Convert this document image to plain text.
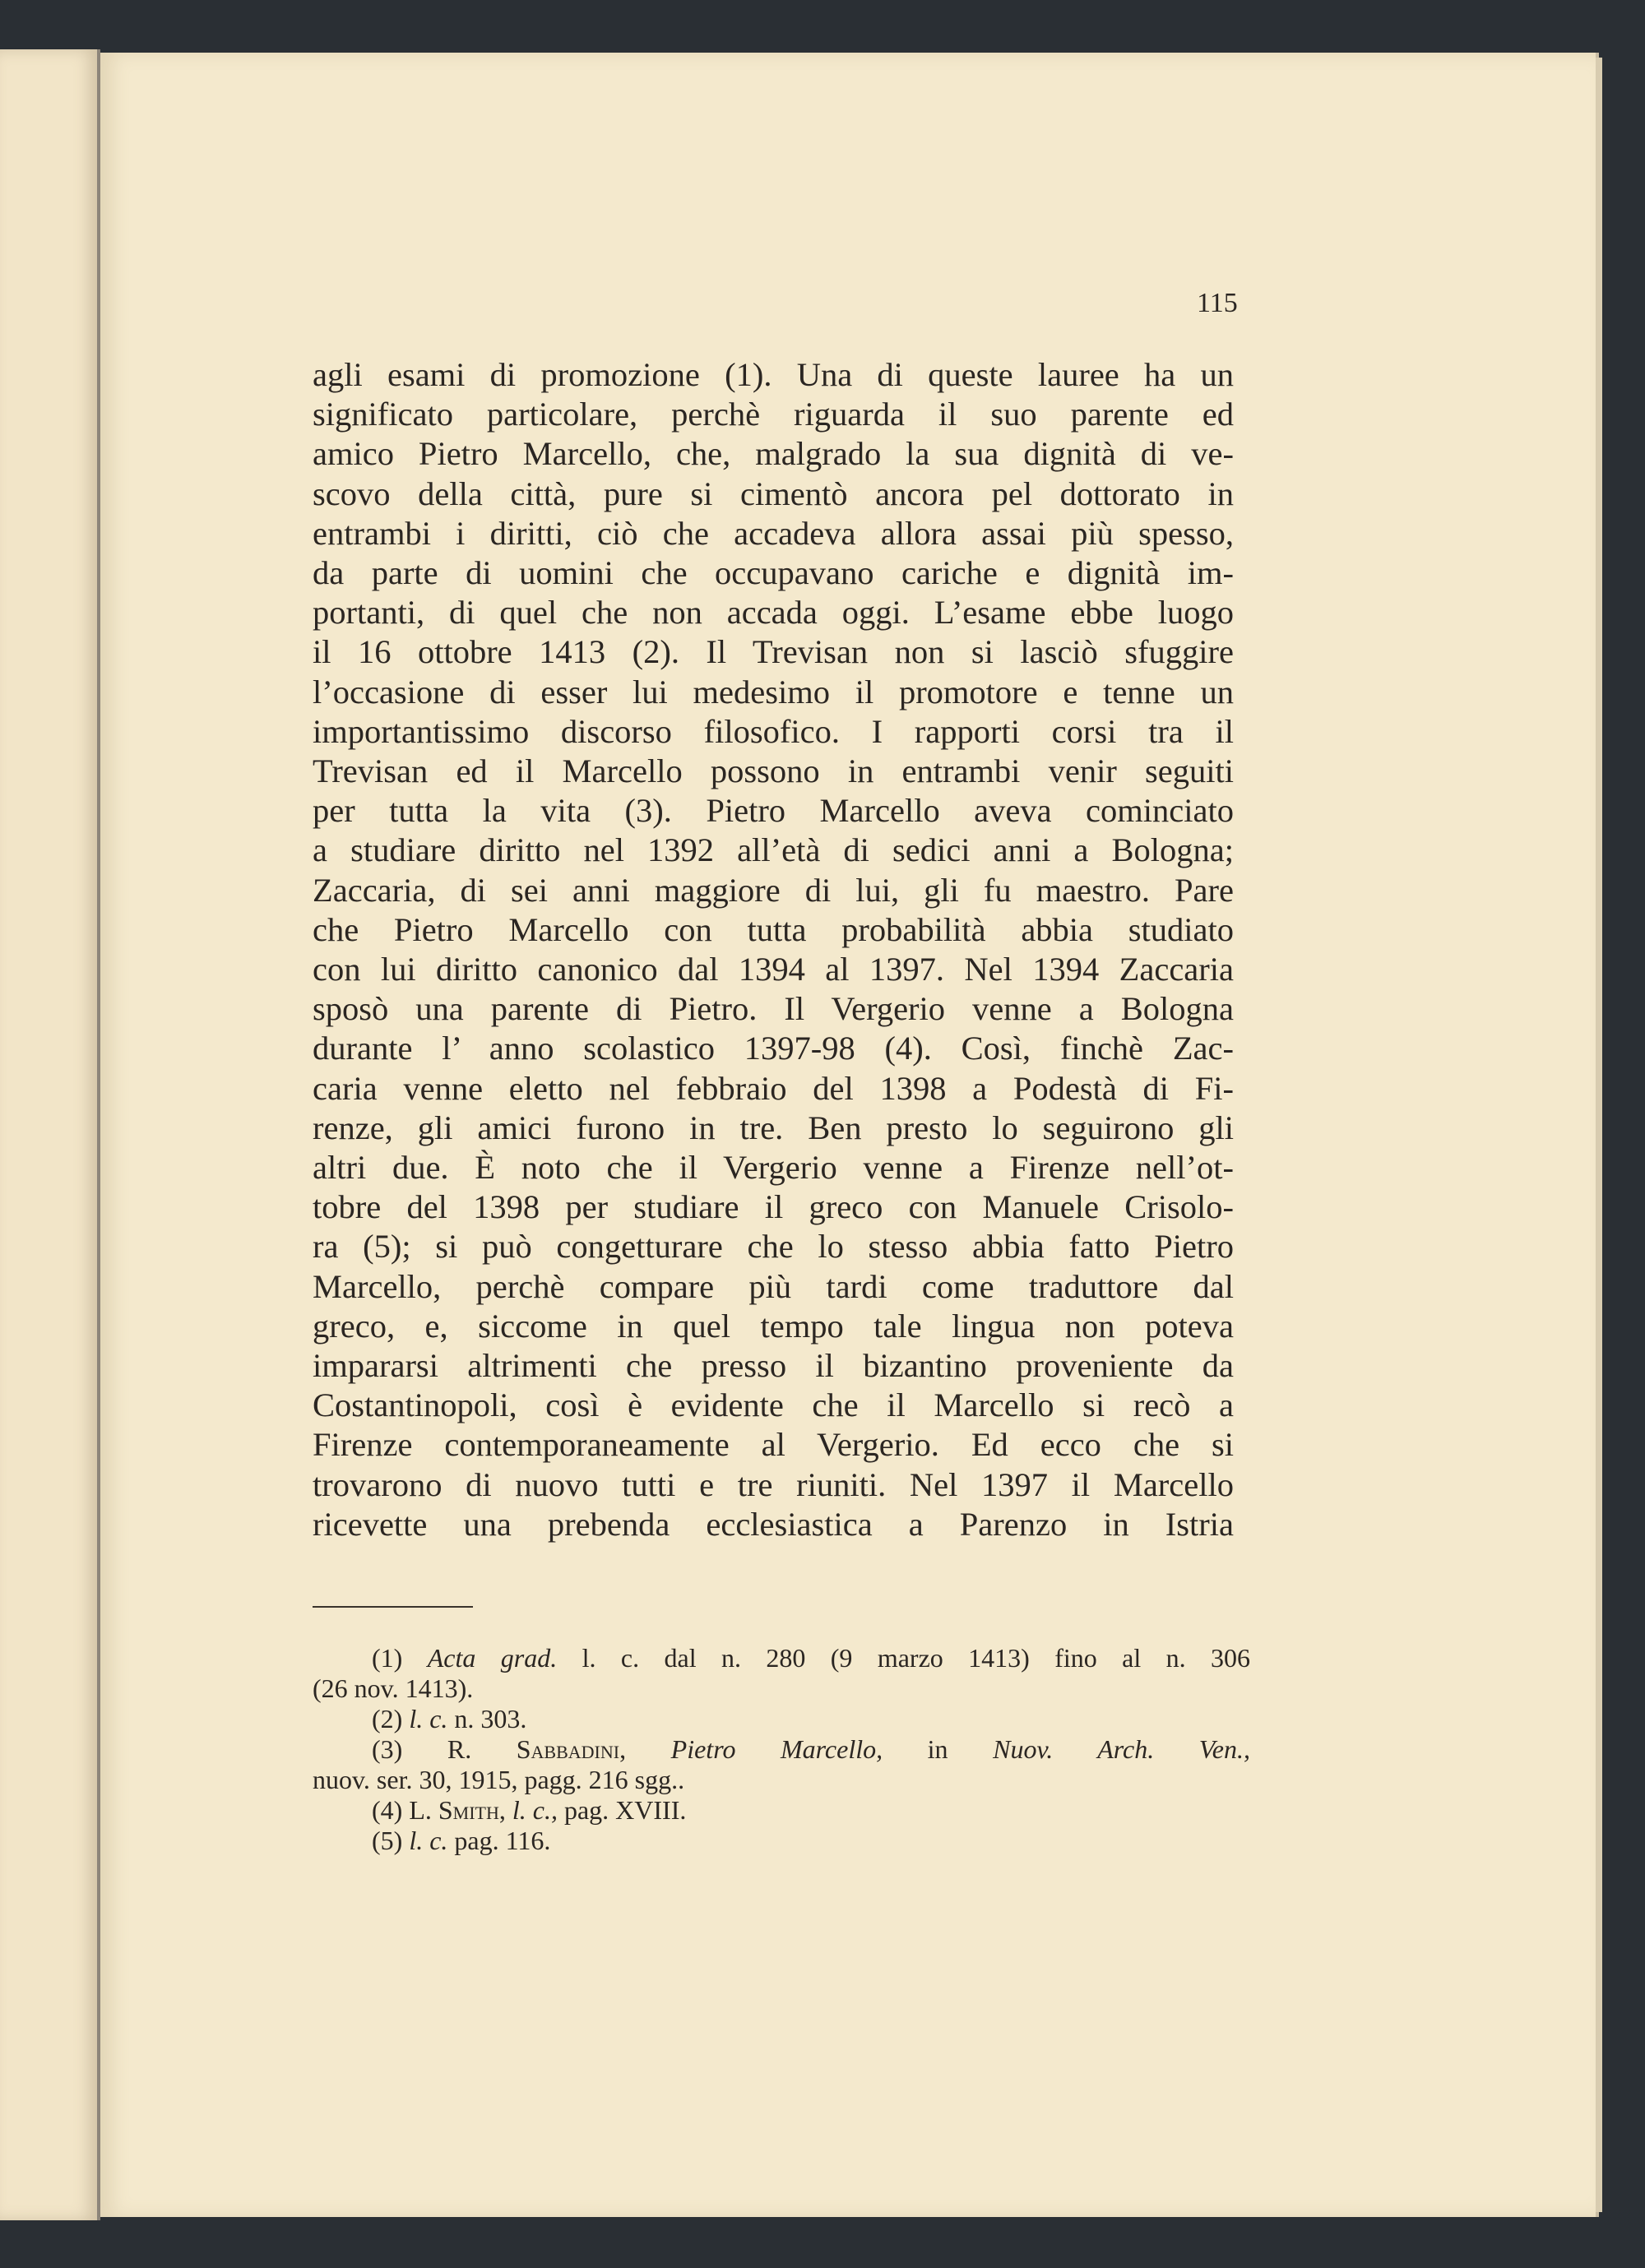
115
agli esami di promozione (1). Una di queste lauree ha un
significato particolare, perchè riguarda il suo parente ed
amico Pietro Marcello, che, malgrado la sua dignità di ve-
scovo della città, pure si cimentò ancora pel dottorato in
entrambi i diritti, ciò che accadeva allora assai più spesso,
da parte di uomini che occupavano cariche e dignità im-
portanti, di quel che non accada oggi. L’esame ebbe luogo
il 16 ottobre 1413 (2). Il Trevisan non si lasciò sfuggire
l’occasione di esser lui medesimo il promotore e tenne un
importantissimo discorso filosofico. I rapporti corsi tra il
Trevisan ed il Marcello possono in entrambi venir seguiti
per tutta la vita (3). Pietro Marcello aveva cominciato
a studiare diritto nel 1392 all’età di sedici anni a Bologna;
Zaccaria, di sei anni maggiore di lui, gli fu maestro. Pare
che Pietro Marcello con tutta probabilità abbia studiato
con lui diritto canonico dal 1394 al 1397. Nel 1394 Zaccaria
sposò una parente di Pietro. Il Vergerio venne a Bologna
durante l’ anno scolastico 1397-98 (4). Così, finchè Zac-
caria venne eletto nel febbraio del 1398 a Podestà di Fi-
renze, gli amici furono in tre. Ben presto lo seguirono gli
altri due. È noto che il Vergerio venne a Firenze nell’ot-
tobre del 1398 per studiare il greco con Manuele Crisolo-
ra (5); si può congetturare che lo stesso abbia fatto Pietro
Marcello, perchè compare più tardi come traduttore dal
greco, e, siccome in quel tempo tale lingua non poteva
impararsi altrimenti che presso il bizantino proveniente da
Costantinopoli, così è evidente che il Marcello si recò a
Firenze contemporaneamente al Vergerio. Ed ecco che si
trovarono di nuovo tutti e tre riuniti. Nel 1397 il Marcello
ricevette una prebenda ecclesiastica a Parenzo in Istria
(1) Acta grad. l. c. dal n. 280 (9 marzo 1413) fino al n. 306
(26 nov. 1413).
(2) l. c. n. 303.
(3) R. Sabbadini, Pietro Marcello, in Nuov. Arch. Ven.,
nuov. ser. 30, 1915, pagg. 216 sgg..
(4) L. Smith, l. c., pag. XVIII.
(5) l. c. pag. 116.
